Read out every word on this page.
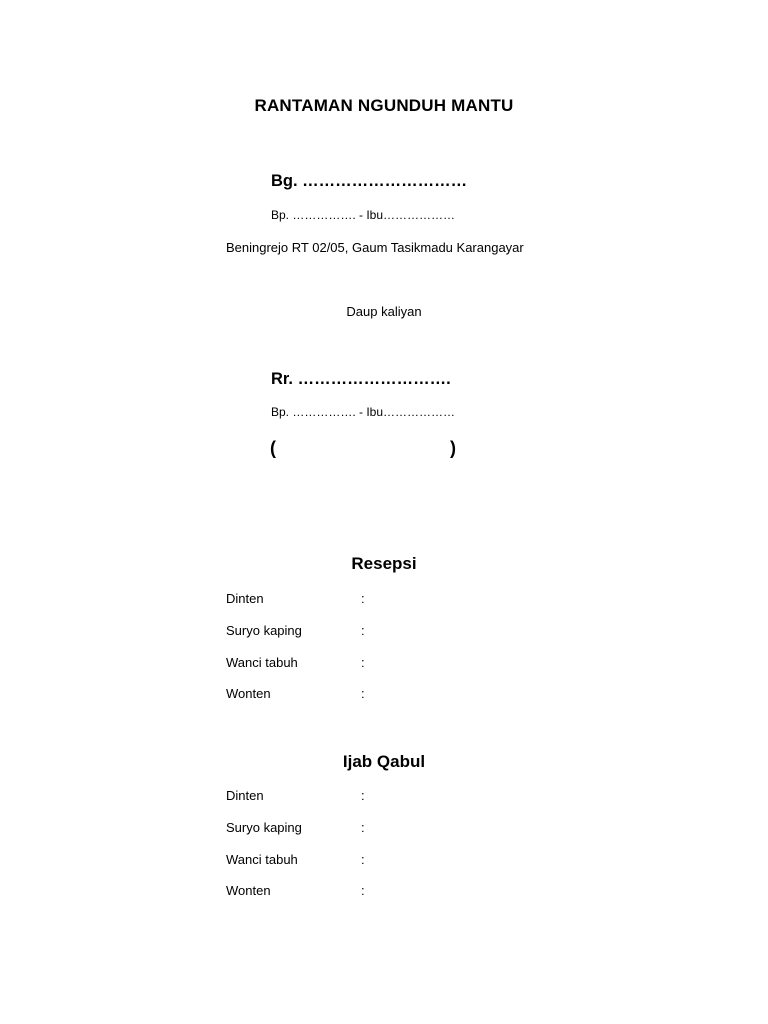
RANTAMAN NGUNDUH MANTU
Bg. …………………………
Bp. ……………. - Ibu………………
Beningrejo RT 02/05, Gaum Tasikmadu Karangayar
Daup kaliyan
Rr. ……………………….
Bp. ……………. - Ibu………………
(	)
Resepsi
Dinten	:
Suryo kaping	:
Wanci tabuh	:
Wonten	:
Ijab Qabul
Dinten	:
Suryo kaping	:
Wanci tabuh	:
Wonten	:
